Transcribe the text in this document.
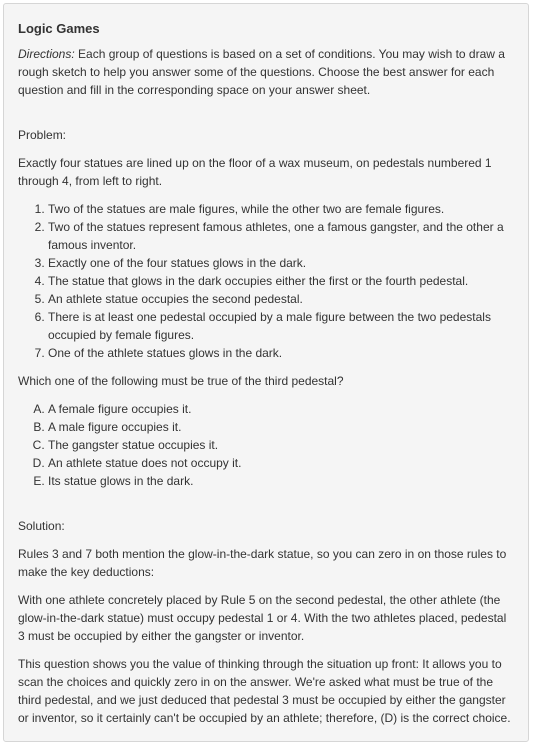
Logic Games

Directions: Each group of questions is based on a set of conditions. You may wish to draw a rough sketch to help you answer some of the questions. Choose the best answer for each question and fill in the corresponding space on your answer sheet.

Problem:

Exactly four statues are lined up on the floor of a wax museum, on pedestals numbered 1 through 4, from left to right.

1. Two of the statues are male figures, while the other two are female figures.
2. Two of the statues represent famous athletes, one a famous gangster, and the other a famous inventor.
3. Exactly one of the four statues glows in the dark.
4. The statue that glows in the dark occupies either the first or the fourth pedestal.
5. An athlete statue occupies the second pedestal.
6. There is at least one pedestal occupied by a male figure between the two pedestals occupied by female figures.
7. One of the athlete statues glows in the dark.

Which one of the following must be true of the third pedestal?

A. A female figure occupies it.
B. A male figure occupies it.
C. The gangster statue occupies it.
D. An athlete statue does not occupy it.
E. Its statue glows in the dark.

Solution:

Rules 3 and 7 both mention the glow-in-the-dark statue, so you can zero in on those rules to make the key deductions:

With one athlete concretely placed by Rule 5 on the second pedestal, the other athlete (the glow-in-the-dark statue) must occupy pedestal 1 or 4. With the two athletes placed, pedestal 3 must be occupied by either the gangster or inventor.

This question shows you the value of thinking through the situation up front: It allows you to scan the choices and quickly zero in on the answer. We're asked what must be true of the third pedestal, and we just deduced that pedestal 3 must be occupied by either the gangster or inventor, so it certainly can't be occupied by an athlete; therefore, (D) is the correct choice.
